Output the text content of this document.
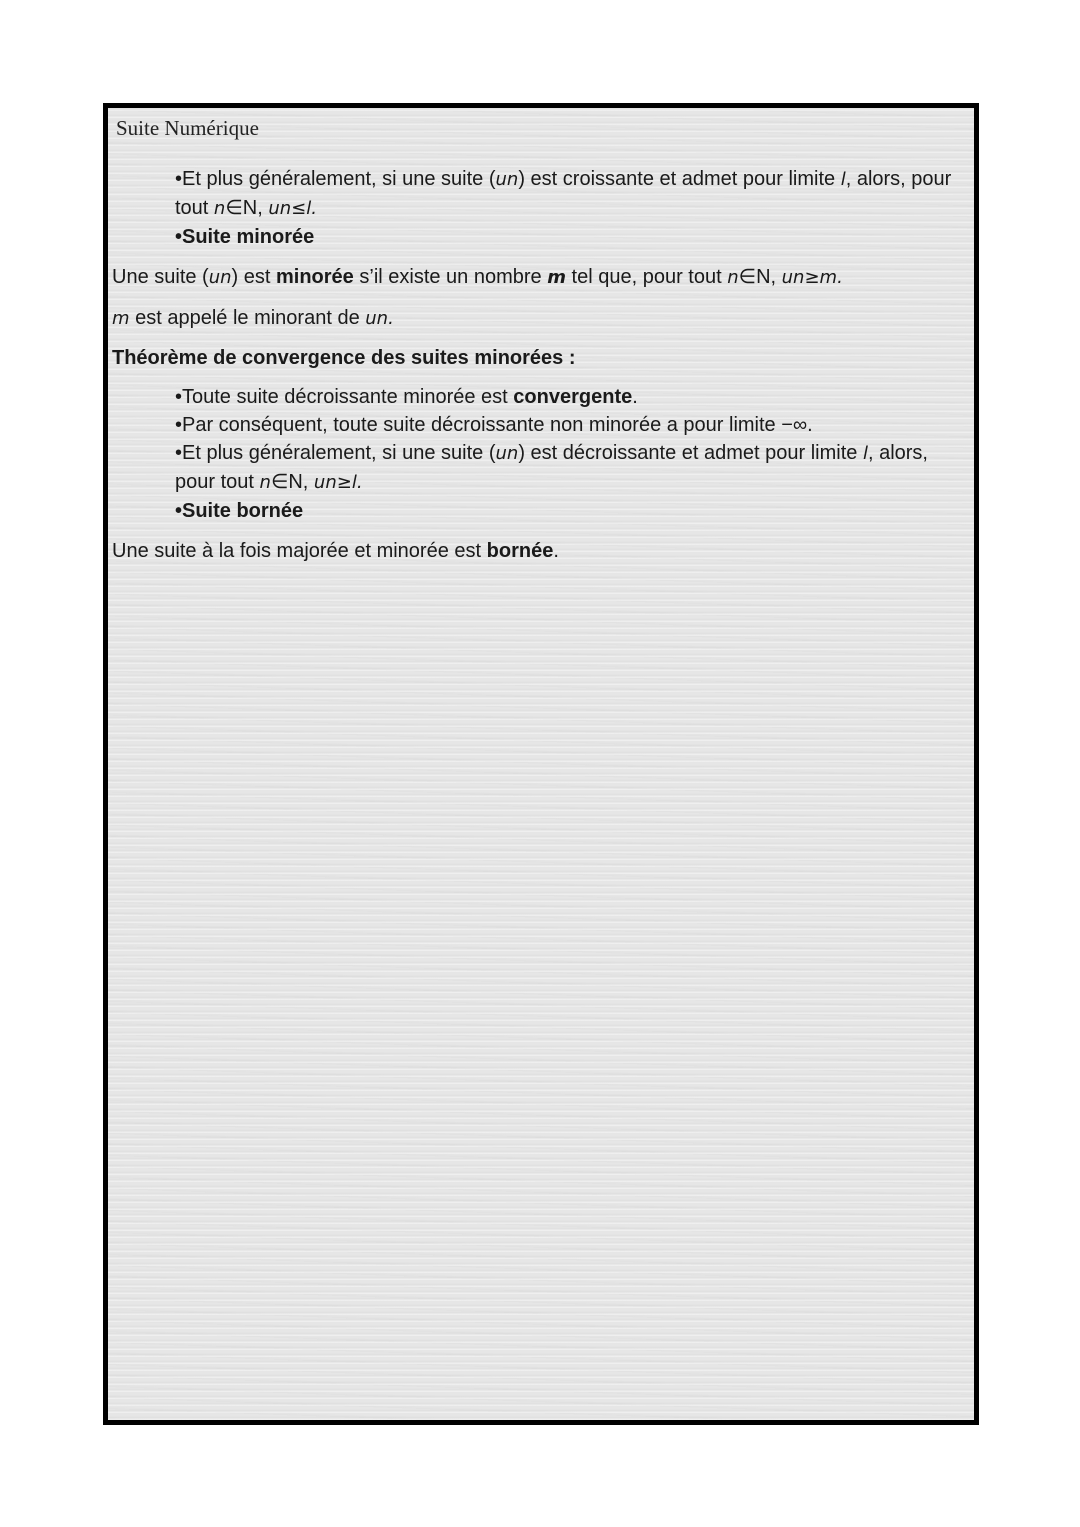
Suite Numérique
•Et plus généralement, si une suite (un) est croissante et admet pour limite l, alors, pour
tout n∈N, un≤l.
•Suite minorée
Une suite (un) est minorée s’il existe un nombre m tel que, pour tout n∈N, un≥m.
m est appelé le minorant de un.
Théorème de convergence des suites minorées :
•Toute suite décroissante minorée est convergente.
•Par conséquent, toute suite décroissante non minorée a pour limite −∞.
•Et plus généralement, si une suite (un) est décroissante et admet pour limite l, alors,
pour tout n∈N, un≥l.
•Suite bornée
Une suite à la fois majorée et minorée est bornée.
